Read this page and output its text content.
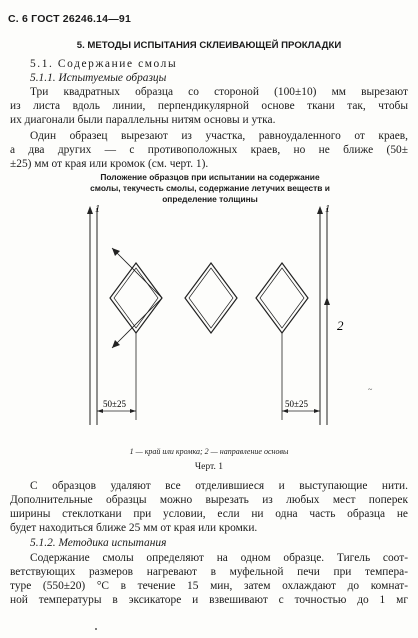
С. 6 ГОСТ 26246.14—91
5. МЕТОДЫ ИСПЫТАНИЯ СКЛЕИВАЮЩЕЙ ПРОКЛАДКИ

5.1. Содержание смолы

5.1.1. Испытуемые образцы

Три квадратных образца со стороной (100±10) мм вырезают

из листа вдоль линии, перпендикулярной основе ткани так, чтобы

их диагонали были параллельны нитям основы и утка.

Один образец вырезают из участка, равноудаленного от краев,

а два других — с противоположных краев, но не ближе (50±

Положение образцов при испытании на содержание
смолы, текучесть смолы, содержание летучих веществ и
определение толщины

±25) мм от края или кромок (см. черт. 1).

1	1
2
~
50±25	50±25
1 — край или кромка; 2 — направление основы
Черт. 1

С образцов удаляют все отделившиеся и выступающие нити.

Дополнительные образцы можно вырезать из любых мест поперек

ширины стеклоткани при условии, если ни одна часть образца не

будет находиться ближе 25 мм от края или кромки.

5.1.2. Методика испытания

Содержание смолы определяют на одном образце. Тигель соот-

ветствующих размеров нагревают в муфельной печи при темпера-

туре (550±20) °С в течение 15 мин, затем охлаждают до комнат-

ной температуры в эксикаторе и взвешивают с точностью до 1 мг
